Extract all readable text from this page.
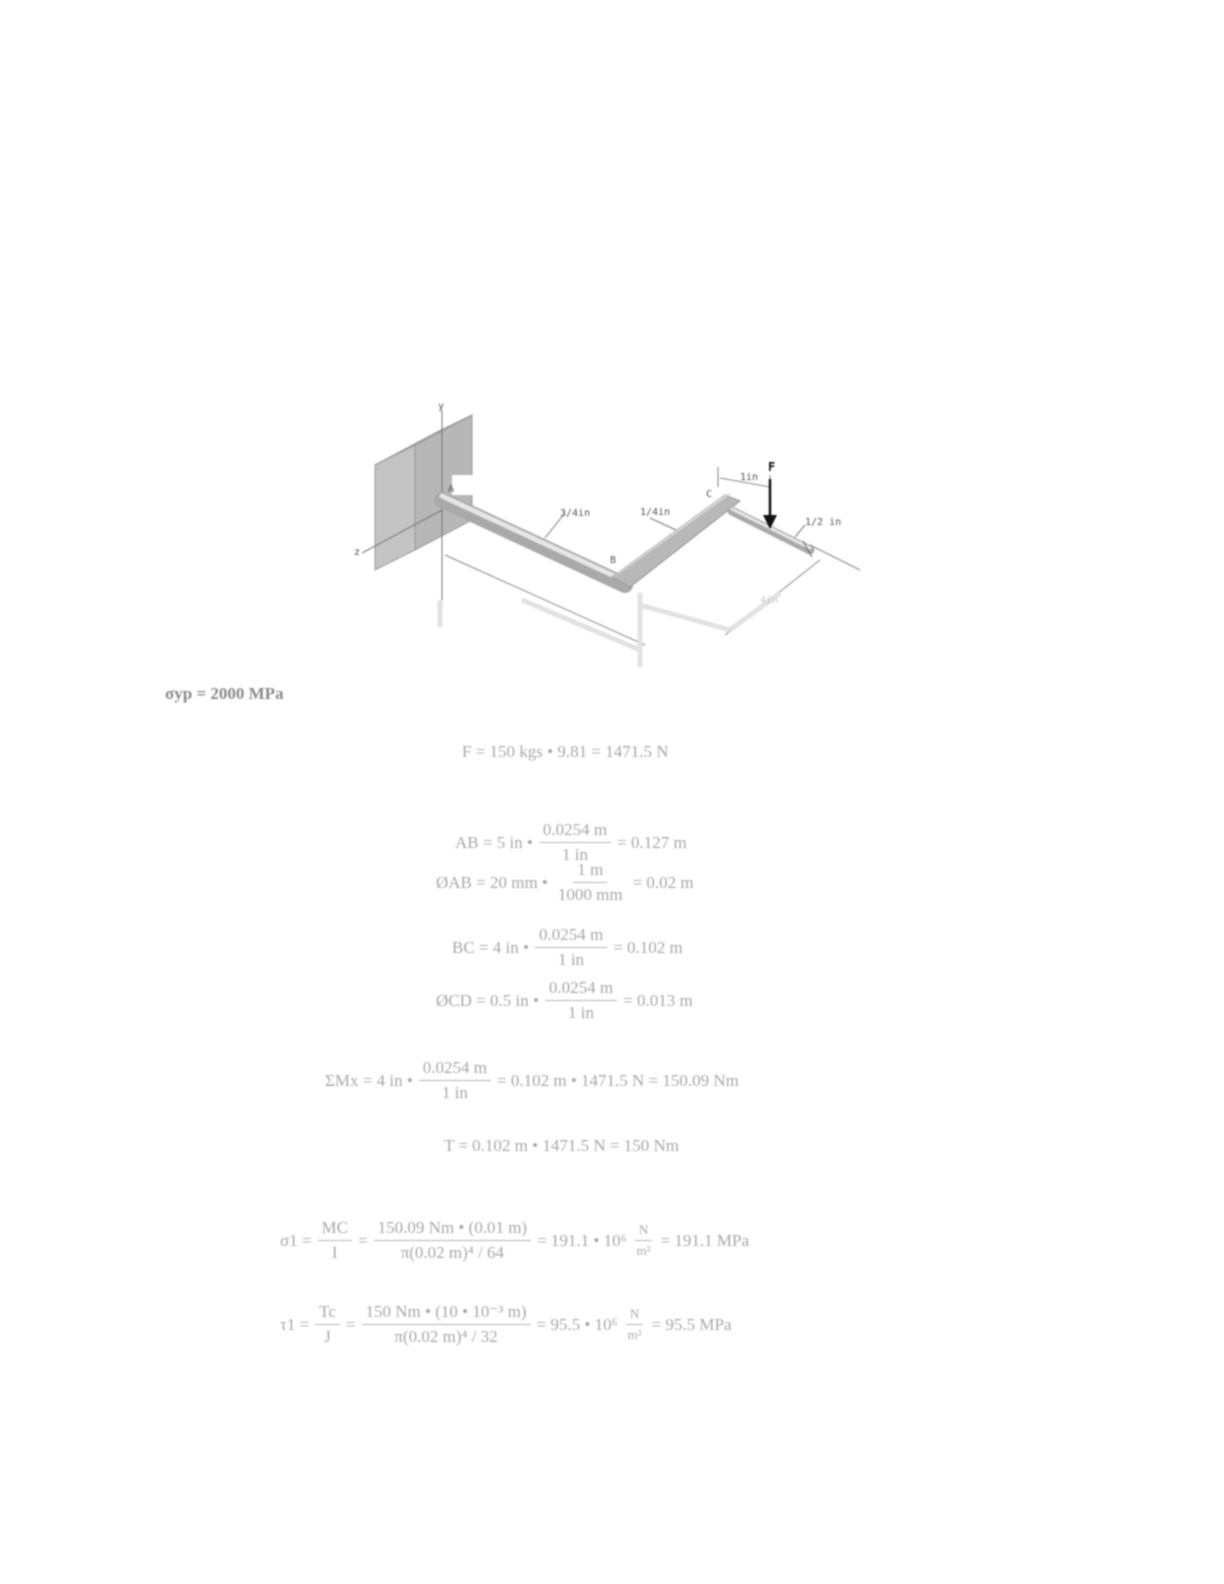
y
z
A
B
C
F
3/4in	1/4in
1/2 in
1in
4in
σyp = 2000 MPa
F = 150 kgs • 9.81 = 1471.5 N
AB = 5 in • $\frac{0.0254 m}{1 in} = 0.127$ m
ØAB = 20 mm • $\frac{1 m}{1000 mm} = 0.02$ m
BC = 4 in • $\frac{0.0254 m}{1 in} = 0.102$ m
ØCD = 0.5 in • $\frac{0.0254 m}{1 in} = 0.013$ m
ΣMx = 4 in • $\frac{0.0254 m}{1 in} = 0.102$ m • 1471.5 N = 150.09 Nm
T = 0.102 m • 1471.5 N = 150 Nm
$\sigma 1 = \frac{MC}{I} = \frac{150.09 Nm • (0.01 m)}{\text{π(0.02 m)⁴ / 64}} = 191.1$ • $10^6 \frac{N}{\text{m²}} = 191.1$ MPa
$\tau 1 = \frac{Tc}{J} = \frac{\text{150 Nm • (10 • 10⁻³ m)}}{\text{π(0.02 m)⁴ / 32}} = 95.5$ • $10^6 \frac{N}{\text{m²}} = 95.5$ MPa
